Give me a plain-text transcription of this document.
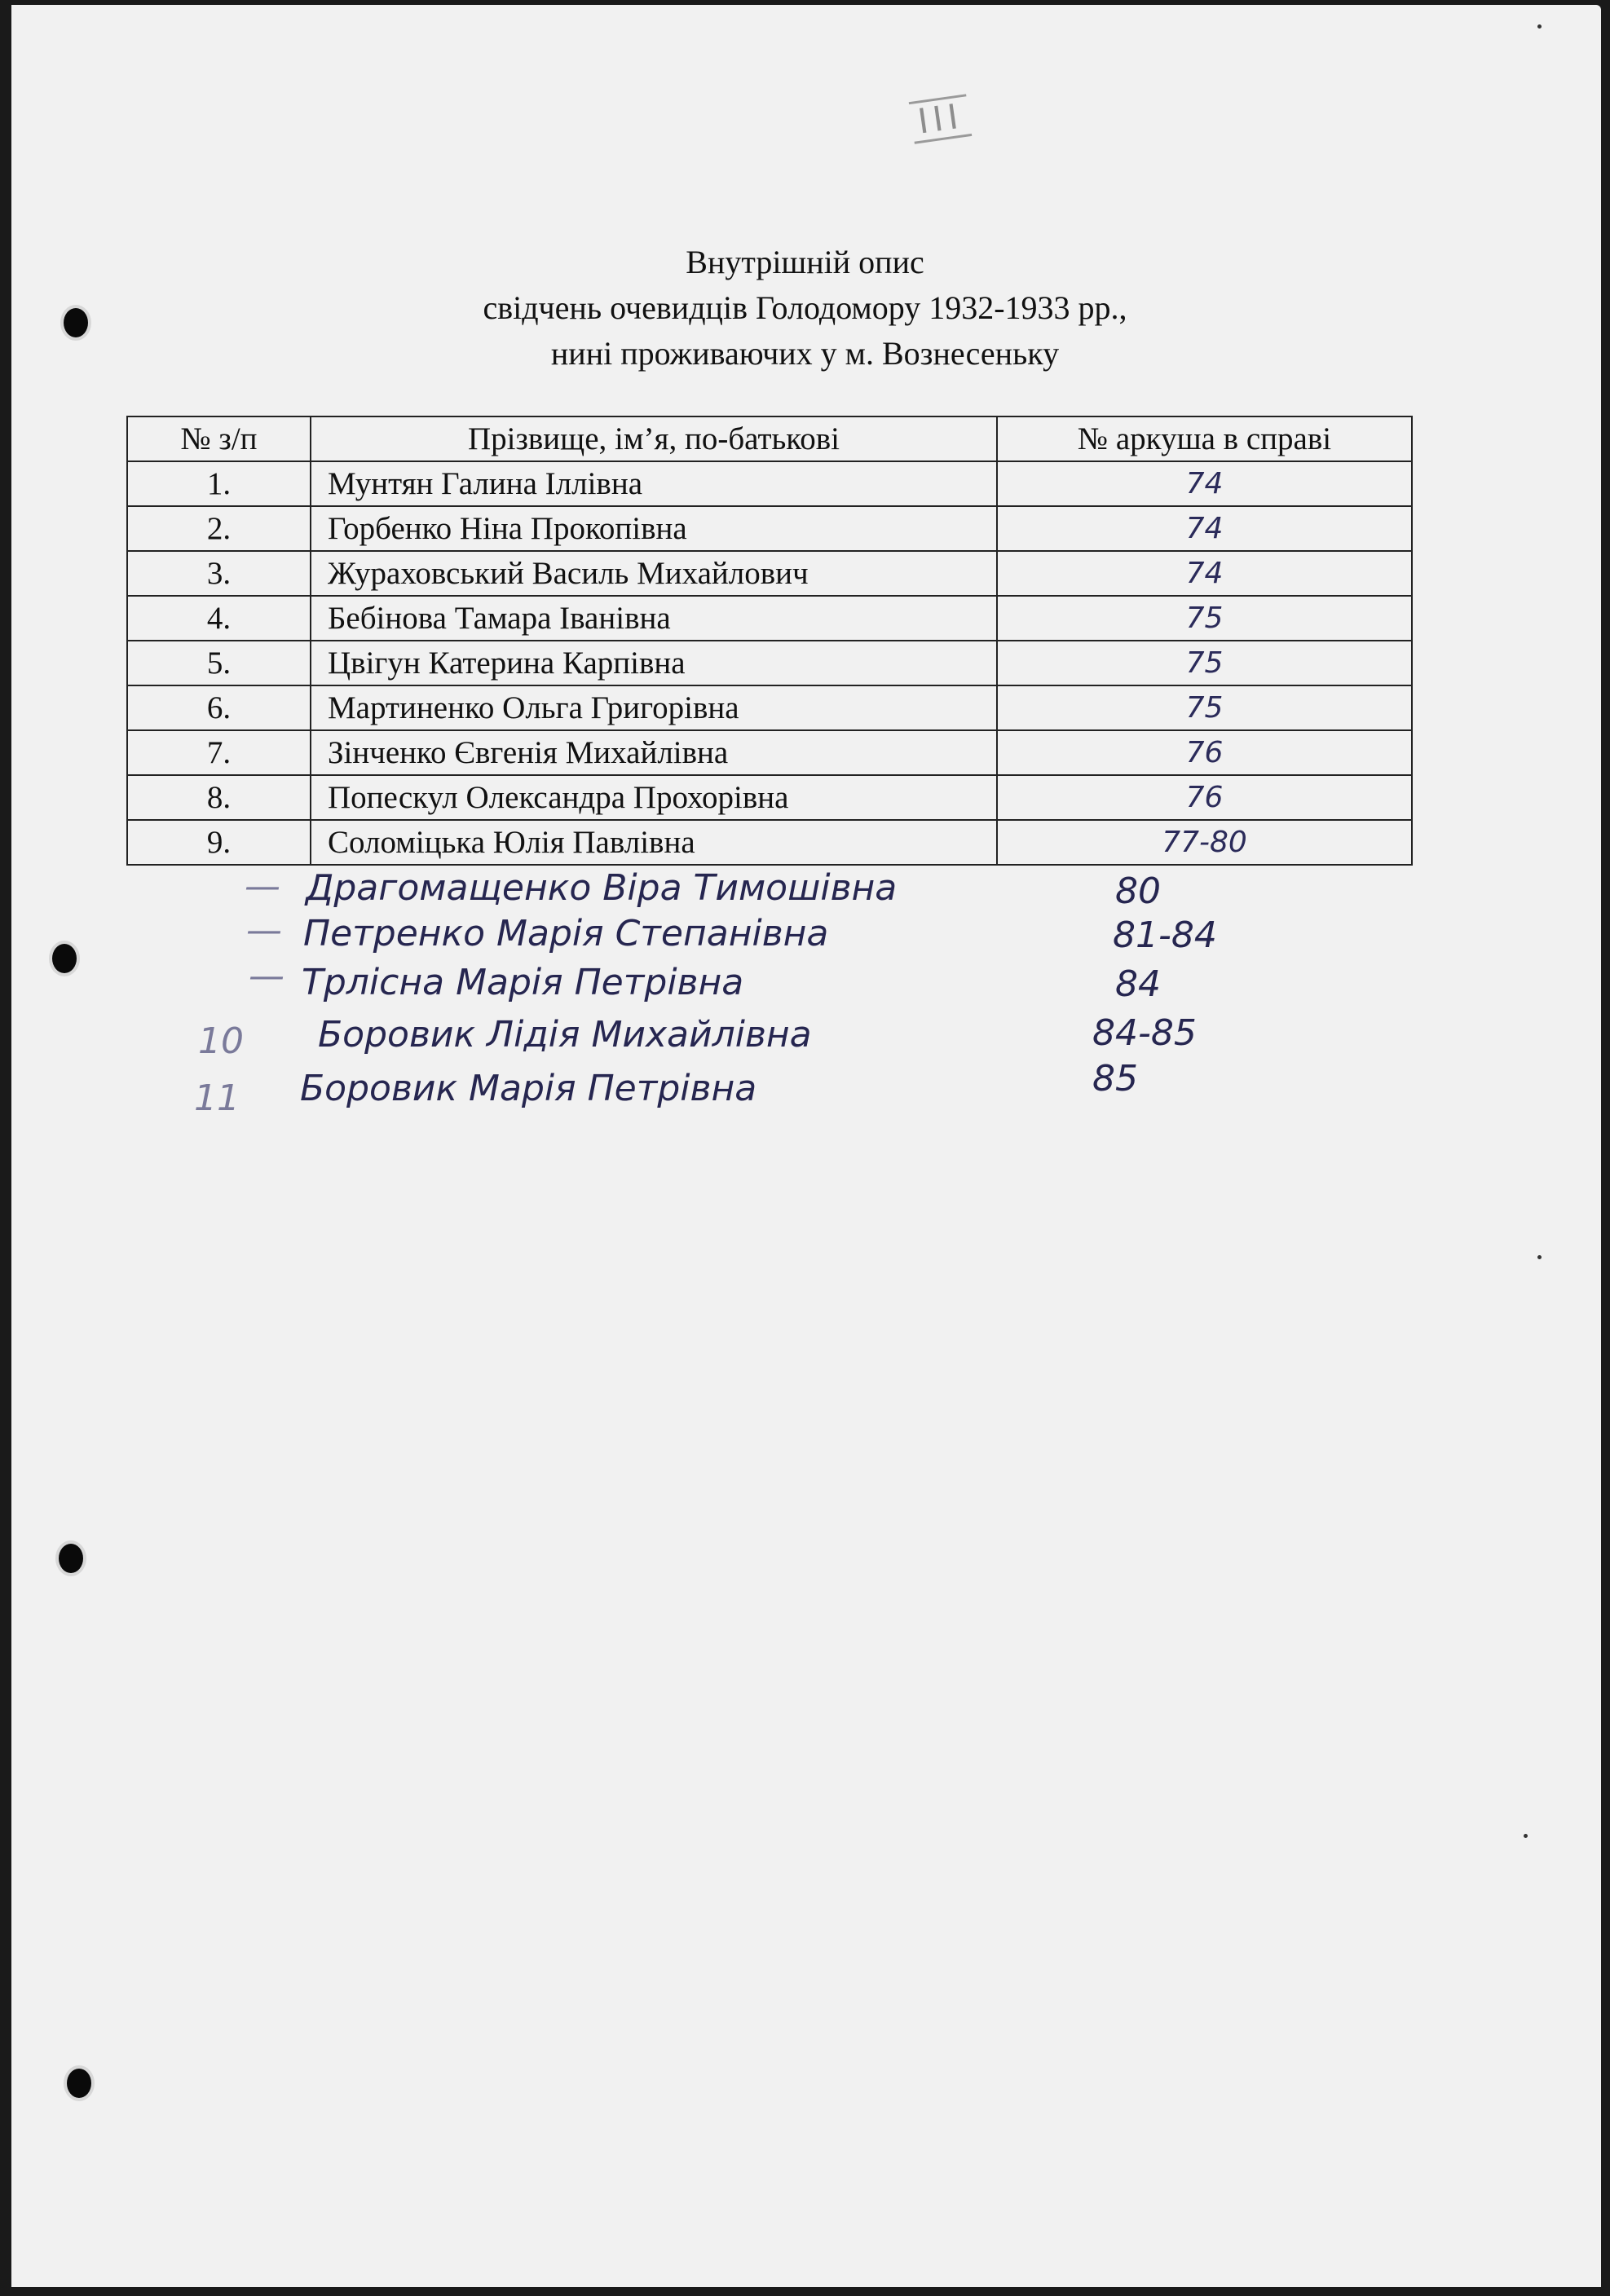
III
Внутрішній опис
свідчень очевидців Голодомору 1932-1933 рр.,
нині проживаючих у м. Вознесеньку
№ з/п	Прізвище, ім’я, по-батькові	№ аркуша в справі
1.	Мунтян Галина Іллівна	74
2.	Горбенко Ніна Прокопівна	74
3.	Жураховський Василь Михайлович	74
4.	Бебінова Тамара Іванівна	75
5.	Цвігун Катерина Карпівна	75
6.	Мартиненко Ольга Григорівна	75
7.	Зінченко Євгенія Михайлівна	76
8.	Попескул Олександра Прохорівна	76
9.	Соломіцька Юлія Павлівна	77-80
— Драгомащенко Віра Тимошівна	80
— Петренко Марія Степанівна	81-84
— Трлісна Марія Петрівна	84
10 Боровик Лідія Михайлівна	84-85
11 Боровик Марія Петрівна	85
